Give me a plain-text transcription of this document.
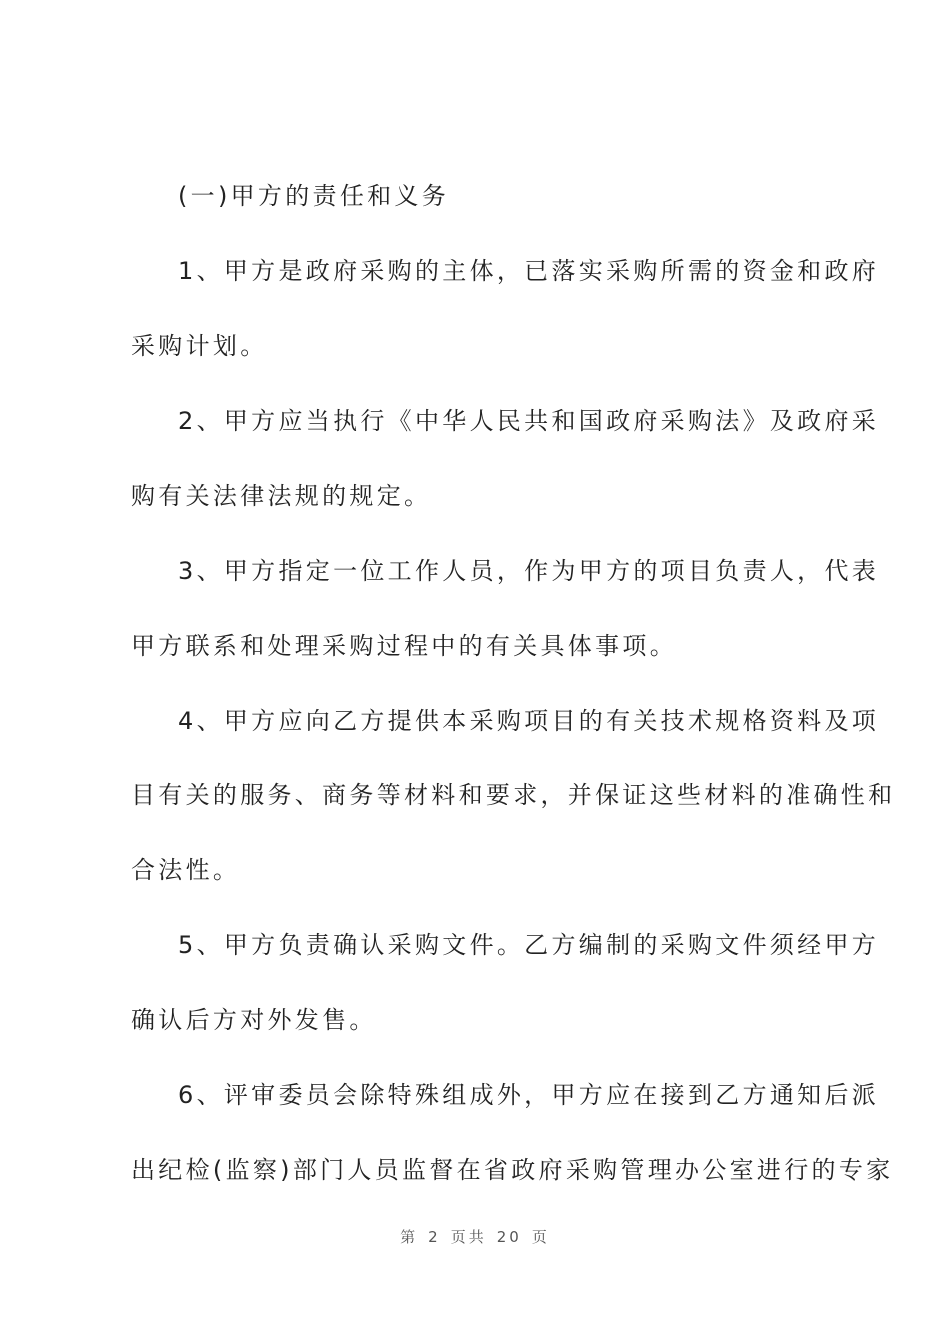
(一)甲方的责任和义务
1、甲方是政府采购的主体，已落实采购所需的资金和政府
采购计划。
2、甲方应当执行《中华人民共和国政府采购法》及政府采
购有关法律法规的规定。
3、甲方指定一位工作人员，作为甲方的项目负责人，代表
甲方联系和处理采购过程中的有关具体事项。
4、甲方应向乙方提供本采购项目的有关技术规格资料及项
目有关的服务、商务等材料和要求，并保证这些材料的准确性和
合法性。
5、甲方负责确认采购文件。乙方编制的采购文件须经甲方
确认后方对外发售。
6、评审委员会除特殊组成外，甲方应在接到乙方通知后派
出纪检(监察)部门人员监督在省政府采购管理办公室进行的专家
第 2 页共 20 页
